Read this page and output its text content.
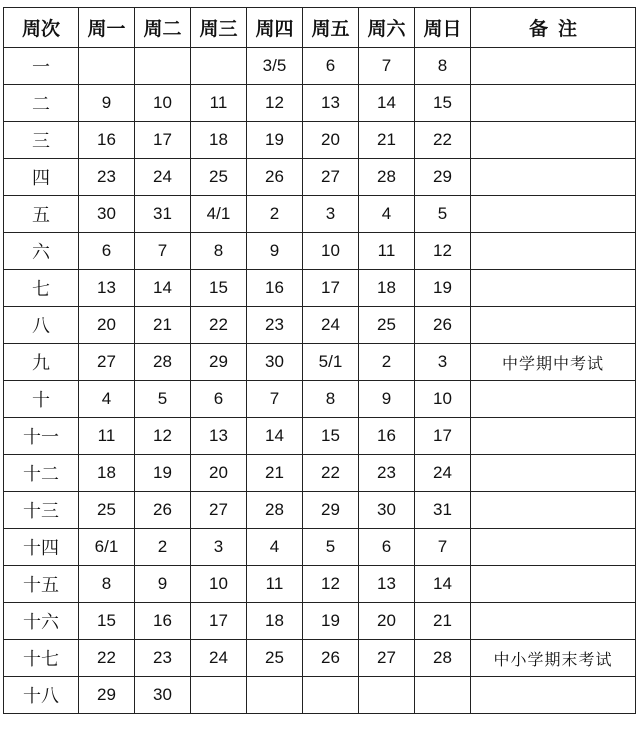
周次	周一	周二	周三	周四	周五	周六	周日	备注
一				3/5	6	7	8	
二	9	10	11	12	13	14	15	
三	16	17	18	19	20	21	22	
四	23	24	25	26	27	28	29	
五	30	31	4/1	2	3	4	5	
六	6	7	8	9	10	11	12	
七	13	14	15	16	17	18	19	
八	20	21	22	23	24	25	26	
九	27	28	29	30	5/1	2	3	中学期中考试
十	4	5	6	7	8	9	10	
十一	11	12	13	14	15	16	17	
十二	18	19	20	21	22	23	24	
十三	25	26	27	28	29	30	31	
十四	6/1	2	3	4	5	6	7	
十五	8	9	10	11	12	13	14	
十六	15	16	17	18	19	20	21	
十七	22	23	24	25	26	27	28	中小学期末考试
十八	29	30						
